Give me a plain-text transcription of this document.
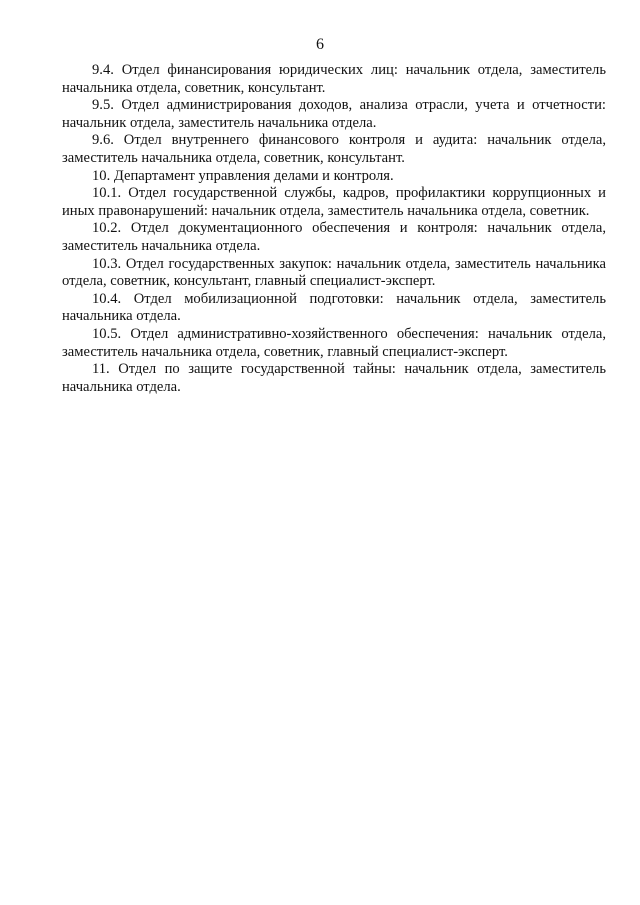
6

9.4. Отдел финансирования юридических лиц: начальник отдела, заместитель начальника отдела, советник, консультант.

9.5. Отдел администрирования доходов, анализа отрасли, учета и отчетности: начальник отдела, заместитель начальника отдела.

9.6. Отдел внутреннего финансового контроля и аудита: начальник отдела, заместитель начальника отдела, советник, консультант.

10. Департамент управления делами и контроля.

10.1. Отдел государственной службы, кадров, профилактики коррупционных и иных правонарушений: начальник отдела, заместитель начальника отдела, советник.

10.2. Отдел документационного обеспечения и контроля: начальник отдела, заместитель начальника отдела.

10.3. Отдел государственных закупок: начальник отдела, заместитель начальника отдела, советник, консультант, главный специалист-эксперт.

10.4. Отдел мобилизационной подготовки: начальник отдела, заместитель начальника отдела.

10.5. Отдел административно-хозяйственного обеспечения: начальник отдела, заместитель начальника отдела, советник, главный специалист-эксперт.

11. Отдел по защите государственной тайны: начальник отдела, заместитель начальника отдела.
